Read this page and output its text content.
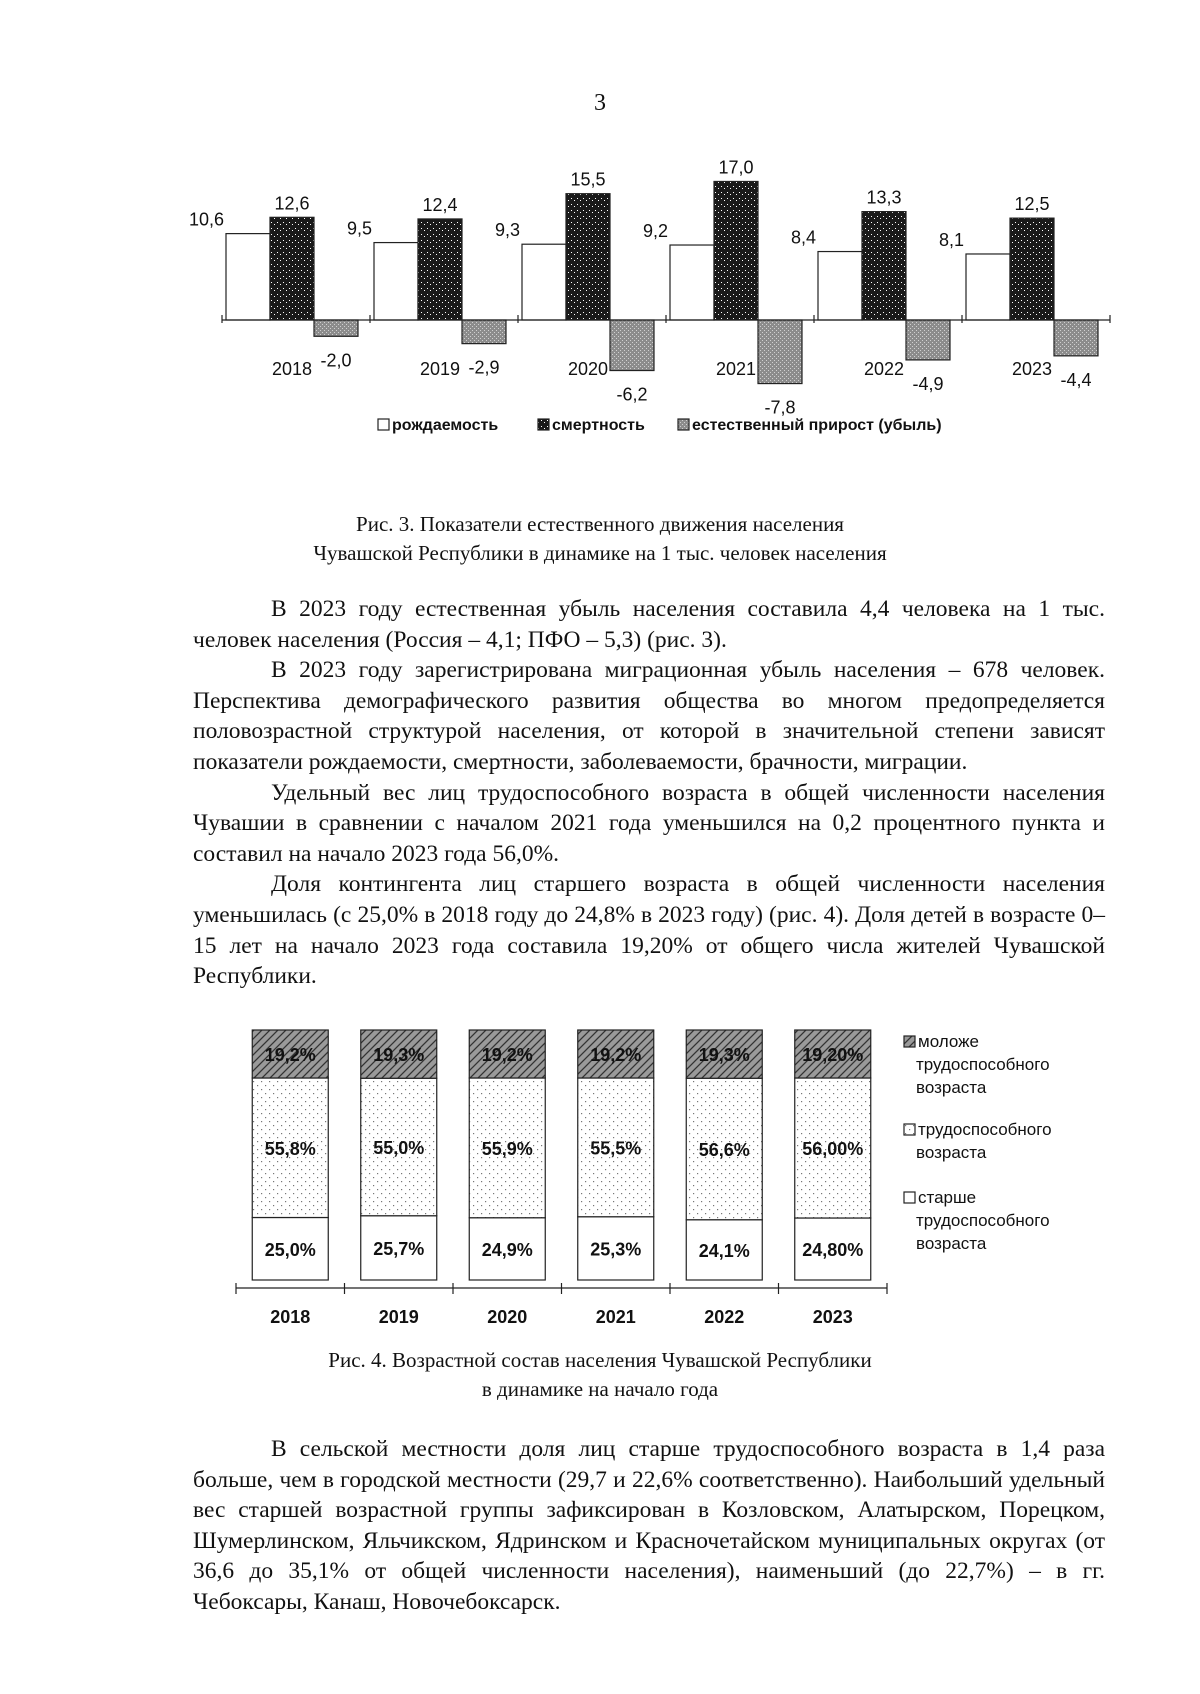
3
10,6
12,6
-2,0
2018
9,5
12,4
-2,9
2019
9,3
15,5
-6,2
2020
9,2
17,0
-7,8
2021
8,4
13,3
-4,9
2022
8,1
12,5
-4,4
2023
рождаемость	смертность	естественный прирост (убыль)
Рис. 3. Показатели естественного движения населения
Чувашской Республики в динамике на 1 тыс. человек населения

В 2023 году естественная убыль населения составила 4,4 человека на 1 тыс. человек населения (Россия – 4,1; ПФО – 5,3) (рис. 3).

В 2023 году зарегистрирована миграционная убыль населения – 678 человек. Перспектива демографического развития общества во многом предопределяется половозрастной структурой населения, от которой в значительной степени зависят показатели рождаемости, смертности, заболеваемости, брачности, миграции.

Удельный вес лиц трудоспособного возраста в общей численности населения Чувашии в сравнении с началом 2021 года уменьшился на 0,2 процентного пункта и составил на начало 2023 года 56,0%.

Доля контингента лиц старшего возраста в общей численности населения уменьшилась (с 25,0% в 2018 году до 24,8% в 2023 году) (рис. 4). Доля детей в возрасте 0–15 лет на начало 2023 года составила 19,20% от общего числа жителей Чувашской Республики.

25,0%
55,8%
19,2%
2018
25,7%
55,0%
19,3%
2019
24,9%
55,9%
19,2%
2020
25,3%
55,5%
19,2%
2021
24,1%
56,6%
19,3%
2022
24,80%
56,00%
19,20%
2023
моложе
трудоспособного
возраста
трудоспособного
возраста
старше
трудоспособного
возраста
Рис. 4. Возрастной состав населения Чувашской Республики
в динамике на начало года

В сельской местности доля лиц старше трудоспособного возраста в 1,4 раза больше, чем в городской местности (29,7 и 22,6% соответственно). Наибольший удельный вес старшей возрастной группы зафиксирован в Козловском, Алатырском, Порецком, Шумерлинском, Яльчикском, Ядринском и Красночетайском муниципальных округах (от 36,6 до 35,1% от общей численности населения), наименьший (до 22,7%) – в гг. Чебоксары, Канаш, Новочебоксарск.
